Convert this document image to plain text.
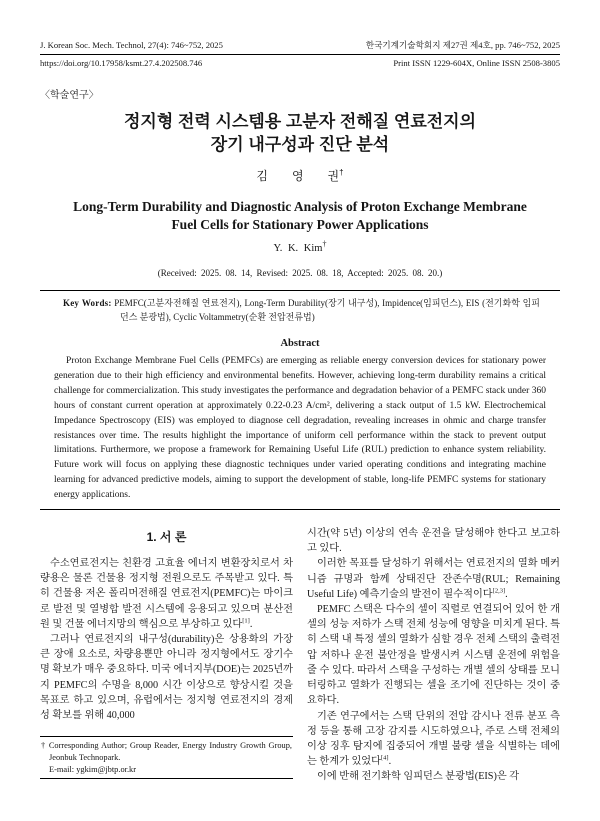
J. Korean Soc. Mech. Technol, 27(4): 746~752, 2025	한국기계기술학회지 제27권 제4호, pp. 746~752, 2025
https://doi.org/10.17958/ksmt.27.4.202508.746	Print ISSN 1229-604X, Online ISSN 2508-3805
〈학술연구〉
정지형 전력 시스템용 고분자 전해질 연료전지의
장기 내구성과 진단 분석
김  영  권†
Long-Term Durability and Diagnostic Analysis of Proton Exchange Membrane
Fuel Cells for Stationary Power Applications
Y. K. Kim†
(Received: 2025. 08. 14, Revised: 2025. 08. 18, Accepted: 2025. 08. 20.)
Key Words: PEMFC(고분자전해질 연료전지), Long-Term Durability(장기 내구성), Impidence(임피던스), EIS (전기화학 임피던스 분광법), Cyclic Voltammetry(순환 전압전류법)
Abstract

Proton Exchange Membrane Fuel Cells (PEMFCs) are emerging as reliable energy conversion devices for stationary power generation due to their high efficiency and environmental benefits. However, achieving long-term durability remains a critical challenge for commercialization. This study investigates the performance and degradation behavior of a PEMFC stack under 360 hours of constant current operation at approximately 0.22-0.23 A/cm², delivering a stack output of 1.5 kW. Electrochemical Impedance Spectroscopy (EIS) was employed to diagnose cell degradation, revealing increases in ohmic and charge transfer resistances over time. The results highlight the importance of uniform cell performance within the stack to prevent output limitations. Furthermore, we propose a framework for Remaining Useful Life (RUL) prediction to enhance system reliability. Future work will focus on applying these diagnostic techniques under varied operating conditions and integrating machine learning for advanced predictive models, aiming to support the development of stable, long-life PEMFC systems for stationary energy applications.

1. 서 론

수소연료전지는 친환경 고효율 에너지 변환장치로서 차량용은 물론 건물용 정지형 전원으로도 주목받고 있다. 특히 건물용 저온 폴리머전해질 연료전지(PEMFC)는 마이크로 발전 및 열병합 발전 시스템에 응용되고 있으며 분산전원 및 건물 에너지망의 핵심으로 부상하고 있다[1].

그러나 연료전지의 내구성(durability)은 상용화의 가장 큰 장애 요소로, 차량용뿐만 아니라 정지형에서도 장기수명 확보가 매우 중요하다. 미국 에너지부(DOE)는 2025년까지 PEMFC의 수명을 8,000 시간 이상으로 향상시킬 것을 목표로 하고 있으며, 유럽에서는 정지형 연료전지의 경제성 확보를 위해 40,000

† Corresponding Author; Group Reader, Energy Industry Growth Group, Jeonbuk Technopark.
E-mail: ygkim@jbtp.or.kr

시간(약 5년) 이상의 연속 운전을 달성해야 한다고 보고하고 있다.

이러한 목표를 달성하기 위해서는 연료전지의 열화 메커니즘 규명과 함께 상태진단 잔존수명(RUL; Remaining Useful Life) 예측기술의 발전이 필수적이다[2,3].

PEMFC 스택은 다수의 셀이 직렬로 연결되어 있어 한 개 셀의 성능 저하가 스택 전체 성능에 영향을 미치게 된다. 특히 스택 내 특정 셀의 열화가 심할 경우 전체 스택의 출력전압 저하나 운전 불안정을 발생시켜 시스템 운전에 위험을 줄 수 있다. 따라서 스택을 구성하는 개별 셀의 상태를 모니터링하고 열화가 진행되는 셀을 조기에 진단하는 것이 중요하다.

기존 연구에서는 스택 단위의 전압 감시나 전류 분포 측정 등을 통해 고장 감지를 시도하였으나, 주로 스택 전체의 이상 징후 탐지에 집중되어 개별 불량 셀을 식별하는 데에는 한계가 있었다[4].

이에 반해 전기화학 임피던스 분광법(EIS)은 각
